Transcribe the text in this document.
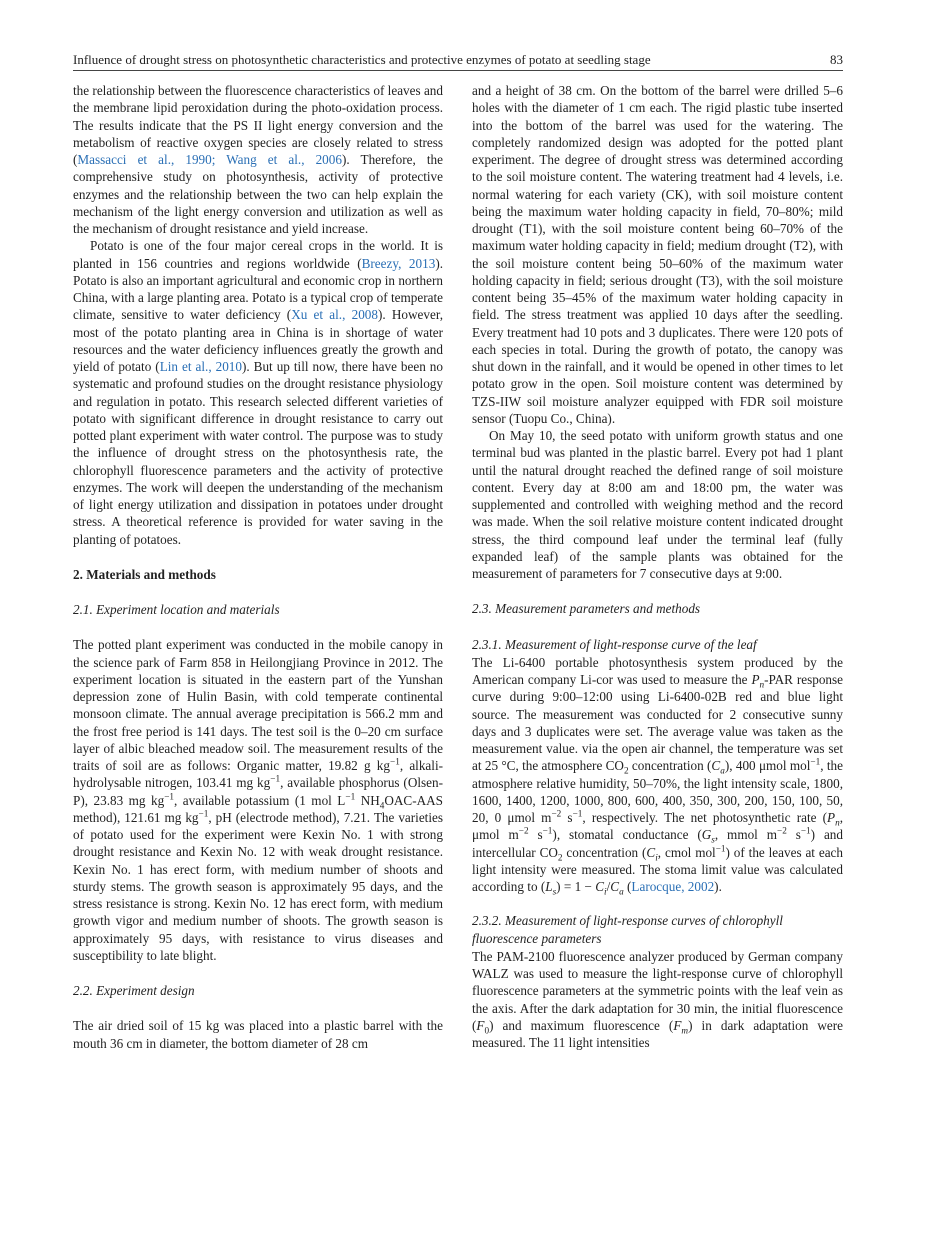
Influence of drought stress on photosynthetic characteristics and protective enzymes of potato at seedling stage	83

the relationship between the fluorescence characteristics of leaves and the membrane lipid peroxidation during the photo-oxidation process. The results indicate that the PS II light energy conversion and the metabolism of reactive oxygen species are closely related to stress (Massacci et al., 1990; Wang et al., 2006). Therefore, the comprehensive study on photosynthesis, activity of protective enzymes and the relationship between the two can help explain the mechanism of the light energy conversion and utilization as well as the mechanism of drought resistance and yield increase.

Potato is one of the four major cereal crops in the world. It is planted in 156 countries and regions worldwide (Breezy, 2013). Potato is also an important agricultural and economic crop in northern China, with a large planting area. Potato is a typical crop of temperate climate, sensitive to water deficiency (Xu et al., 2008). However, most of the potato planting area in China is in shortage of water resources and the water deficiency influences greatly the growth and yield of potato (Lin et al., 2010). But up till now, there have been no systematic and profound studies on the drought resistance physiology and regulation in potato. This research selected different varieties of potato with significant difference in drought resistance to carry out potted plant experiment with water control. The purpose was to study the influence of drought stress on the photosynthesis rate, the chlorophyll fluorescence parameters and the activity of protective enzymes. The work will deepen the understanding of the mechanism of light energy utilization and dissipation in potatoes under drought stress. A theoretical reference is provided for water saving in the planting of potatoes.

2. Materials and methods

2.1. Experiment location and materials

The potted plant experiment was conducted in the mobile canopy in the science park of Farm 858 in Heilongjiang Province in 2012. The experiment location is situated in the eastern part of the Yunshan depression zone of Hulin Basin, with cold temperate continental monsoon climate. The annual average precipitation is 566.2 mm and the frost free period is 141 days. The test soil is the 0–20 cm surface layer of albic bleached meadow soil. The measurement results of the traits of soil are as follows: Organic matter, 19.82 g $kg^{-1}$, alkali-hydrolysable nitrogen, 103.41 mg $kg^{-1}$, available phosphorus (Olsen-P), 23.83 mg $kg^{-1}$, available potassium (1 mol $L^{-1}$ $NH_4OAC$-AAS method), 121.61 mg $kg^{-1}$, pH (electrode method), 7.21. The varieties of potato used for the experiment were Kexin No. 1 with strong drought resistance and Kexin No. 12 with weak drought resistance. Kexin No. 1 has erect form, with medium number of shoots and sturdy stems. The growth season is approximately 95 days, and the stress resistance is strong. Kexin No. 12 has erect form, with medium growth vigor and medium number of shoots. The growth season is approximately 95 days, with resistance to virus diseases and susceptibility to late blight.

2.2. Experiment design

The air dried soil of 15 kg was placed into a plastic barrel with the mouth 36 cm in diameter, the bottom diameter of 28 cm

and a height of 38 cm. On the bottom of the barrel were drilled 5–6 holes with the diameter of 1 cm each. The rigid plastic tube inserted into the bottom of the barrel was used for the watering. The completely randomized design was adopted for the potted plant experiment. The degree of drought stress was determined according to the soil moisture content. The watering treatment had 4 levels, i.e. normal watering for each variety (CK), with soil moisture content being the maximum water holding capacity in field, 70–80%; mild drought (T1), with the soil moisture content being 60–70% of the maximum water holding capacity in field; medium drought (T2), with the soil moisture content being 50–60% of the maximum water holding capacity in field; serious drought (T3), with the soil moisture content being 35–45% of the maximum water holding capacity in field. The stress treatment was applied 10 days after the seedling. Every treatment had 10 pots and 3 duplicates. There were 120 pots of each species in total. During the growth of potato, the canopy was shut down in the rainfall, and it would be opened in other times to let potato grow in the open. Soil moisture content was determined by TZS-IIW soil moisture analyzer equipped with FDR soil moisture sensor (Tuopu Co., China).

On May 10, the seed potato with uniform growth status and one terminal bud was planted in the plastic barrel. Every pot had 1 plant until the natural drought reached the defined range of soil moisture content. Every day at 8:00 am and 18:00 pm, the water was supplemented and controlled with weighing method and the record was made. When the soil relative moisture content indicated drought stress, the third compound leaf under the terminal leaf (fully expanded leaf) of the sample plants was obtained for the measurement of parameters for 7 consecutive days at 9:00.

2.3. Measurement parameters and methods

2.3.1. Measurement of light-response curve of the leaf

The Li-6400 portable photosynthesis system produced by the American company Li-cor was used to measure the $P_n$-PAR response curve during 9:00–12:00 using Li-6400-02B red and blue light source. The measurement was conducted for 2 consecutive sunny days and 3 duplicates were set. The average value was taken as the measurement value. via the open air channel, the temperature was set at 25 °C, the atmosphere $CO_2$ concentration $(C_a)$, 400 μmol mol$^{-1}$, the atmosphere relative humidity, 50–70%, the light intensity scale, 1800, 1600, 1400, 1200, 1000, 800, 600, 400, 350, 300, 200, 150, 100, 50, 20, 0 μmol $m^{-2}$ $s^{-1}$, respectively. The net photosynthetic rate ($P_n$, μmol $m^{-2}$ $s^{-1}$), stomatal conductance ($G_s$, mmol $m^{-2}$ $s^{-1}$) and intercellular $CO_2$ concentration ($C_i$, cmol mol$^{-1}$) of the leaves at each light intensity were measured. The stoma limit value was calculated according to $(L_s) = 1 - C_i/C_a$ (Larocque, 2002).

2.3.2. Measurement of light-response curves of chlorophyll fluorescence parameters

The PAM-2100 fluorescence analyzer produced by German company WALZ was used to measure the light-response curve of chlorophyll fluorescence parameters at the symmetric points with the leaf vein as the axis. After the dark adaptation for 30 min, the initial fluorescence $(F_0)$ and maximum fluorescence $(F_m)$ in dark adaptation were measured. The 11 light intensities
